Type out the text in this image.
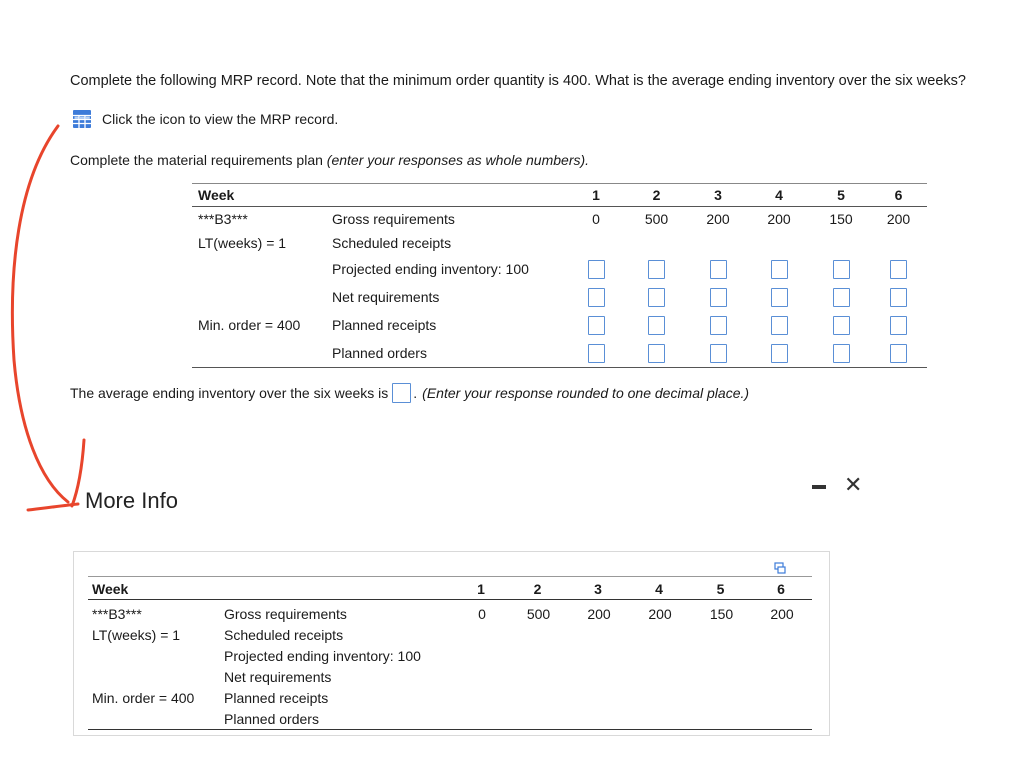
Complete the following MRP record. Note that the minimum order quantity is 400. What is the average ending inventory over the six weeks?
Click the icon to view the MRP record.
Complete the material requirements plan (enter your responses as whole numbers).
Week		1	2	3	4	5	6
***B3***	Gross requirements	0	500	200	200	150	200
LT(weeks) = 1	Scheduled receipts						
	Projected ending inventory: 100						
	Net requirements						
Min. order = 400	Planned receipts						
	Planned orders						
The average ending inventory over the six weeks is . (Enter your response rounded to one decimal place.)
More Info
✕
Week		1	2	3	4	5	6
***B3***	Gross requirements	0	500	200	200	150	200
LT(weeks) = 1	Scheduled receipts						
	Projected ending inventory: 100						
	Net requirements						
Min. order = 400	Planned receipts						
	Planned orders						
